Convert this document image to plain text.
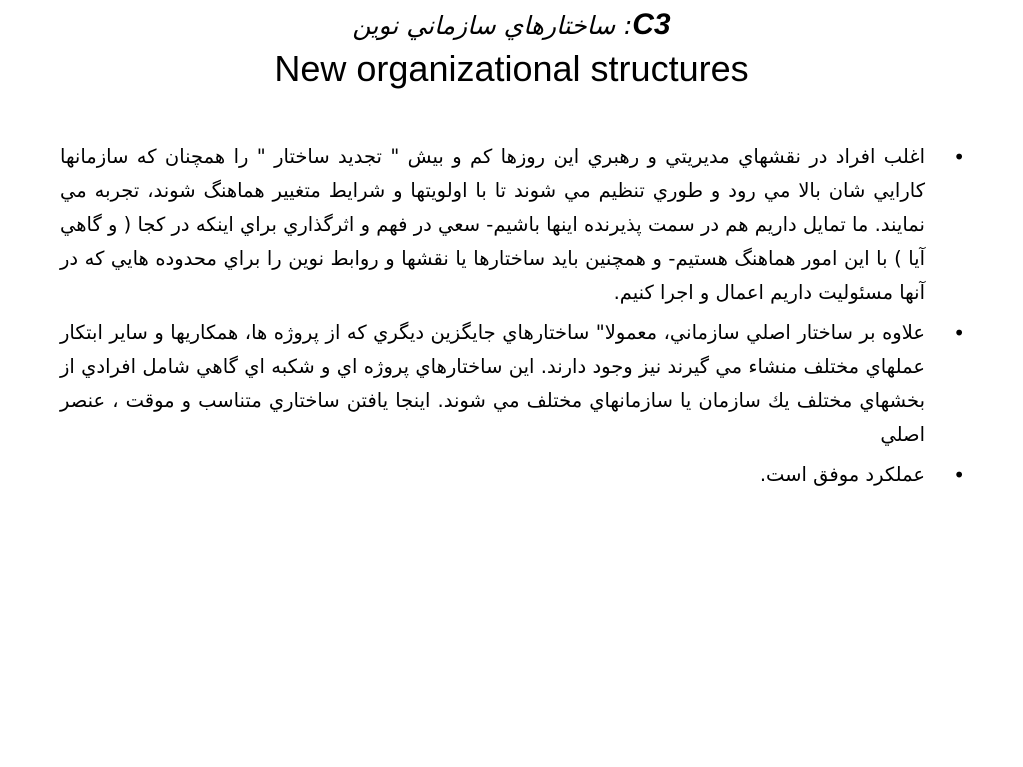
C3: ساختارهاي سازماني نوين
New organizational structures
•
اغلب افراد در نقشهاي مديريتي و رهبري اين روزها كم و بيش " تجديد ساختار " را همچنان كه سازمانها كارايي شان بالا مي رود و طوري تنظيم مي شوند تا با اولويتها و شرايط متغيير هماهنگ شوند، تجربه مي نمايند. ما تمايل داريم هم در سمت پذيرنده اينها باشيم- سعي در فهم و اثرگذاري براي اينكه در كجا ( و گاهي آيا ) با اين امور هماهنگ هستيم- و همچنين بايد ساختارها يا نقشها و روابط نوين را براي محدوده هايي كه در آنها مسئوليت داريم اعمال و اجرا كنيم.
•
علاوه بر ساختار اصلي سازماني، معمولا" ساختارهاي جايگزين ديگري كه از پروژه ها، همكاريها و ساير ابتكار عملهاي مختلف منشاء مي گيرند نيز وجود دارند. اين ساختارهاي پروژه اي و شكبه اي گاهي شامل افرادي از بخشهاي مختلف يك سازمان يا سازمانهاي مختلف مي شوند. اينجا يافتن ساختاري متناسب و موقت ، عنصر اصلي
•
عملكرد موفق است.
